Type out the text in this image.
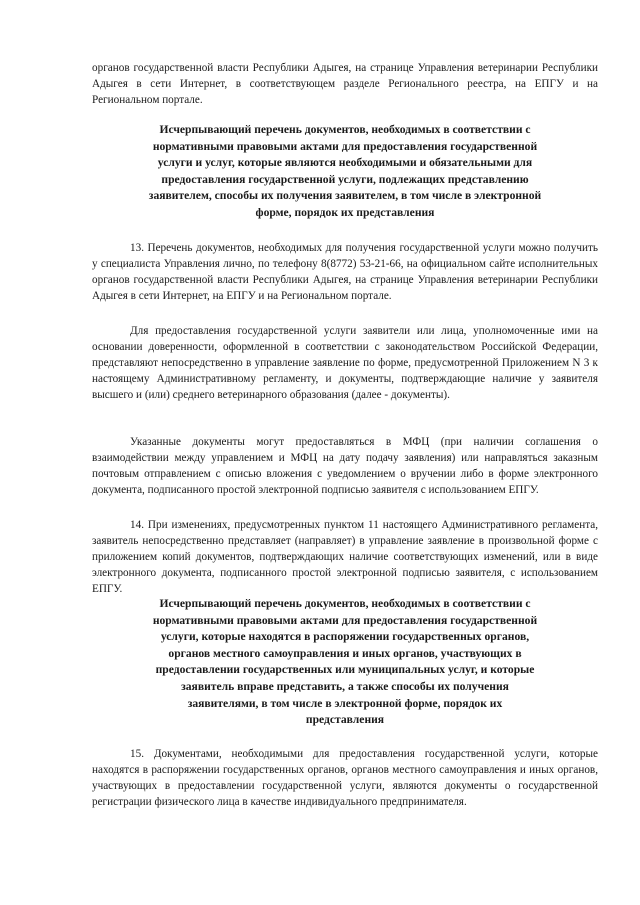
органов государственной власти Республики Адыгея, на странице Управления ветеринарии Республики Адыгея в сети Интернет, в соответствующем разделе Регионального реестра, на ЕПГУ и на Региональном портале.

Исчерпывающий перечень документов, необходимых в соответствии с нормативными правовыми актами для предоставления государственной услуги и услуг, которые являются необходимыми и обязательными для предоставления государственной услуги, подлежащих представлению заявителем, способы их получения заявителем, в том числе в электронной форме, порядок их представления

13. Перечень документов, необходимых для получения государственной услуги можно получить у специалиста Управления лично, по телефону 8(8772) 53-21-66, на официальном сайте исполнительных органов государственной власти Республики Адыгея, на странице Управления ветеринарии Республики Адыгея в сети Интернет, на ЕПГУ и на Региональном портале.

Для предоставления государственной услуги заявители или лица, уполномоченные ими на основании доверенности, оформленной в соответствии с законодательством Российской Федерации, представляют непосредственно в управление заявление по форме, предусмотренной Приложением N 3 к настоящему Административному регламенту, и документы, подтверждающие наличие у заявителя высшего и (или) среднего ветеринарного образования (далее - документы).

Указанные документы могут предоставляться в МФЦ (при наличии соглашения о взаимодействии между управлением и МФЦ на дату подачу заявления) или направляться заказным почтовым отправлением с описью вложения с уведомлением о вручении либо в форме электронного документа, подписанного простой электронной подписью заявителя с использованием ЕПГУ.

14. При изменениях, предусмотренных пунктом 11 настоящего Административного регламента, заявитель непосредственно представляет (направляет) в управление заявление в произвольной форме с приложением копий документов, подтверждающих наличие соответствующих изменений, или в виде электронного документа, подписанного простой электронной подписью заявителя, с использованием ЕПГУ.

Исчерпывающий перечень документов, необходимых в соответствии с нормативными правовыми актами для предоставления государственной услуги, которые находятся в распоряжении государственных органов, органов местного самоуправления и иных органов, участвующих в предоставлении государственных или муниципальных услуг, и которые заявитель вправе представить, а также способы их получения заявителями, в том числе в электронной форме, порядок их представления

15. Документами, необходимыми для предоставления государственной услуги, которые находятся в распоряжении государственных органов, органов местного самоуправления и иных органов, участвующих в предоставлении государственной услуги, являются документы о государственной регистрации физического лица в качестве индивидуального предпринимателя.
